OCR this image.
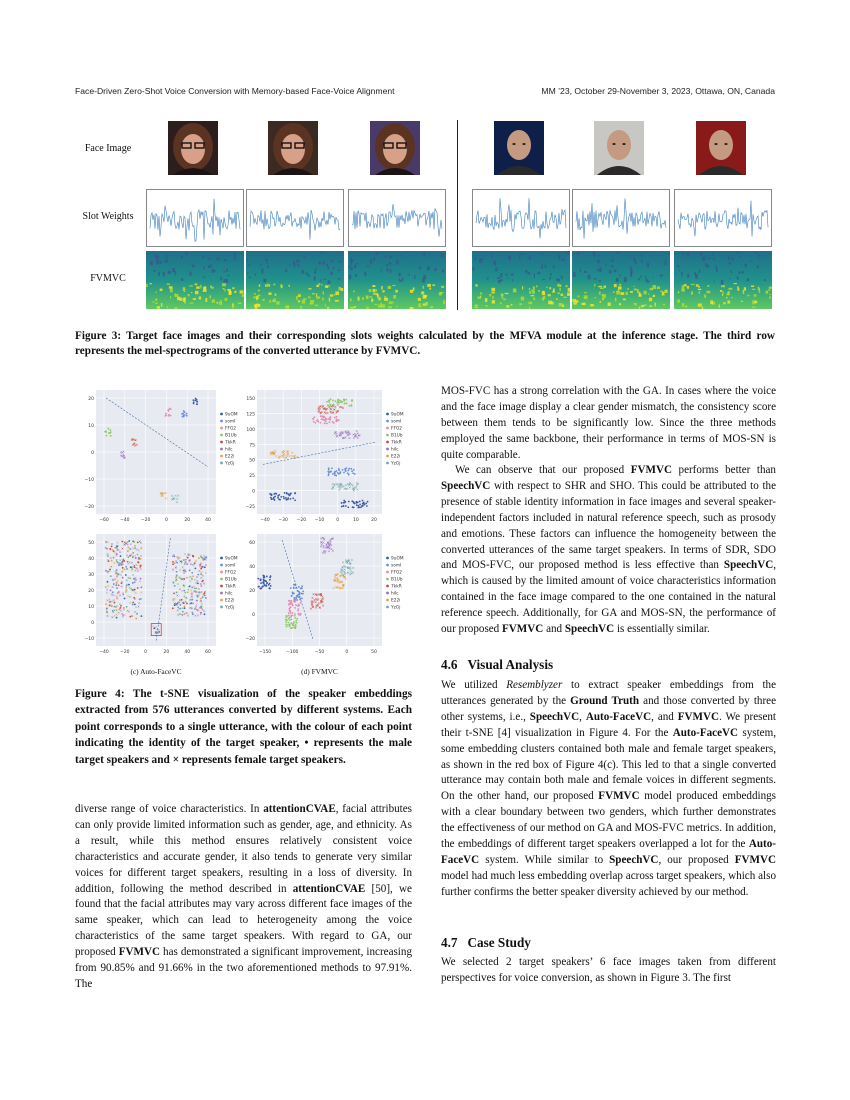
Face-Driven Zero-Shot Voice Conversion with Memory-based Face-Voice Alignment	MM ’23, October 29-November 3, 2023, Ottawa, ON, Canada
Face Image
Slot Weights
FVMVC
Figure 3: Target face images and their corresponding slots weights calculated by the MFVA module at the inference stage. The third row represents the mel-spectrograms of the converted utterance by FVMVC.
20
10
0
−10
−20
−60	−40	−20	0	20	40
9uOM
somI
FFG2
B1Ub
7kkR
hiIc
E22i
YzGj
150
125
100
75
50
25
0
−25
−40 −30 −20 −10	0	10	20
9uOM
somI
FFG2
B1Ub
7kkR
hiIc
E22i
YzGj
50
40
30
20
10
0
−10
−40	−20	0	20	40	60
9uOM
somI
FFG2
B1Ub
7kkR
hiIc
E22i
YzGj
(c) Auto-FaceVC
60
40
20
0
−20
−150	−100	−50	0	50
9uOM
somI
FFG2
B1Ub
7kkR
hiIc
E22i
YzGj
(d) FVMVC
Figure 4: The t-SNE visualization of the speaker embeddings extracted from 576 utterances converted by different systems. Each point corresponds to a single utterance, with the colour of each point indicating the identity of the target speaker, • represents the male target speakers and × represents female target speakers.
diverse range of voice characteristics. In attentionCVAE, facial attributes can only provide limited information such as gender, age, and ethnicity. As a result, while this method ensures relatively consistent voice characteristics and accurate gender, it also tends to generate very similar voices for different target speakers, resulting in a loss of diversity. In addition, following the method described in attentionCVAE [50], we found that the facial attributes may vary across different face images of the same speaker, which can lead to heterogeneity among the voice characteristics of the same target speakers. With regard to GA, our proposed FVMVC has demonstrated a significant improvement, increasing from 90.85% and 91.66% in the two aforementioned methods to 97.91%. The
MOS-FVC has a strong correlation with the GA. In cases where the voice and the face image display a clear gender mismatch, the consistency score between them tends to be significantly low. Since the three methods employed the same backbone, their performance in terms of MOS-SN is quite comparable.
We can observe that our proposed FVMVC performs better than SpeechVC with respect to SHR and SHO. This could be attributed to the presence of stable identity information in face images and several speaker-independent factors included in natural reference speech, such as prosody and emotions. These factors can influence the homogeneity between the converted utterances of the same target speakers. In terms of SDR, SDO and MOS-FVC, our proposed method is less effective than SpeechVC, which is caused by the limited amount of voice characteristics information contained in the face image compared to the one contained in the natural reference speech. Additionally, for GA and MOS-SN, the performance of our proposed FVMVC and SpeechVC is essentially similar.
4.6 Visual Analysis
We utilized Resemblyzer to extract speaker embeddings from the utterances generated by the Ground Truth and those converted by three other systems, i.e., SpeechVC, Auto-FaceVC, and FVMVC. We present their t-SNE [4] visualization in Figure 4. For the Auto-FaceVC system, some embedding clusters contained both male and female target speakers, as shown in the red box of Figure 4(c). This led to that a single converted utterance may contain both male and female voices in different segments. On the other hand, our proposed FVMVC model produced embeddings with a clear boundary between two genders, which further demonstrates the effectiveness of our method on GA and MOS-FVC metrics. In addition, the embeddings of different target speakers overlapped a lot for the Auto-FaceVC system. While similar to SpeechVC, our proposed FVMVC model had much less embedding overlap across target speakers, which also further confirms the better speaker diversity achieved by our method.
4.7 Case Study
We selected 2 target speakers’ 6 face images taken from different perspectives for voice conversion, as shown in Figure 3. The first
